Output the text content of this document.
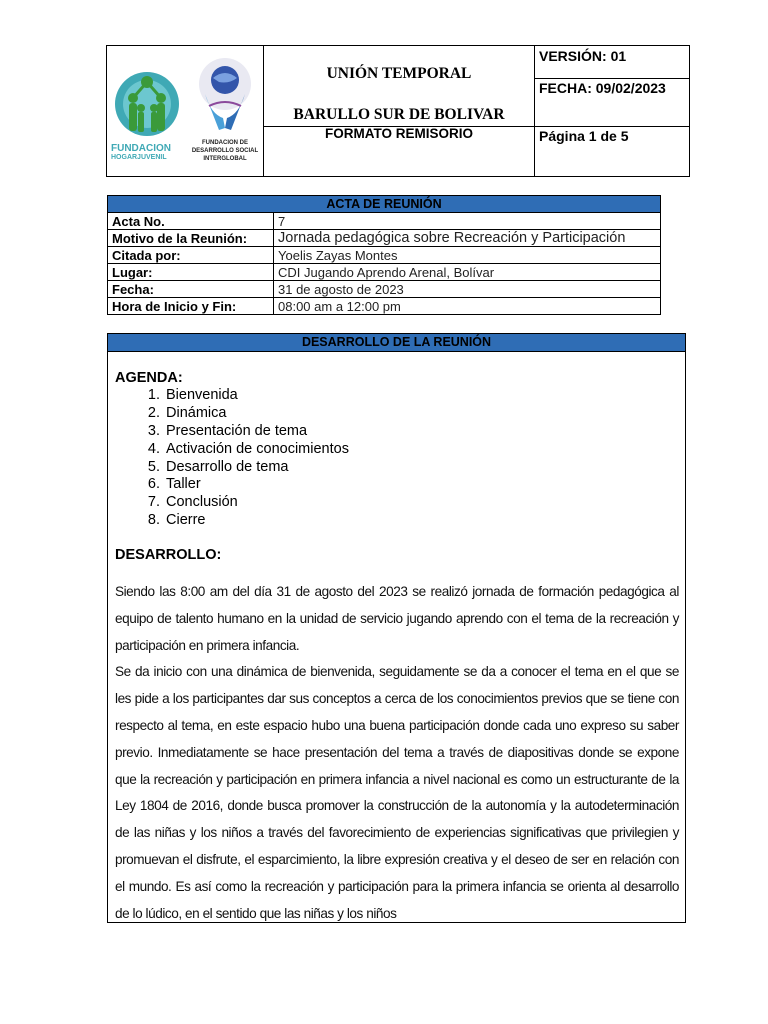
FUNDACION
HOGARJUVENIL
FUNDACION DE DESARROLLO SOCIAL INTERGLOBAL
UNIÓN TEMPORAL
BARULLO SUR DE BOLIVAR
FORMATO REMISORIO
VERSIÓN: 01
FECHA: 09/02/2023
Página 1 de 5
ACTA DE REUNIÓN	
Acta No.	7
Motivo de la Reunión:	Jornada pedagógica sobre Recreación y Participación
Citada por:	Yoelis Zayas Montes
Lugar:	CDI Jugando Aprendo Arenal, Bolívar
Fecha:	31 de agosto de 2023
Hora de Inicio y Fin:	08:00 am a 12:00 pm
DESARROLLO DE LA REUNIÓN
AGENDA:
1. Bienvenida
2. Dinámica
3. Presentación de tema
4. Activación de conocimientos
5. Desarrollo de tema
6. Taller
7. Conclusión
8. Cierre
DESARROLLO:

Siendo las 8:00 am del día 31 de agosto del 2023 se realizó jornada de formación pedagógica al equipo de talento humano en la unidad de servicio jugando aprendo con el tema de la recreación y participación en primera infancia.

Se da inicio con una dinámica de bienvenida, seguidamente se da a conocer el tema en el que se les pide a los participantes dar sus conceptos a cerca de los conocimientos previos que se tiene con respecto al tema, en este espacio hubo una buena participación donde cada uno expreso su saber previo. Inmediatamente se hace presentación del tema a través de diapositivas donde se expone que la recreación y participación en primera infancia a nivel nacional es como un estructurante de la Ley 1804 de 2016, donde busca promover la construcción de la autonomía y la autodeterminación de las niñas y los niños a través del favorecimiento de experiencias significativas que privilegien y promuevan el disfrute, el esparcimiento, la libre expresión creativa y el deseo de ser en relación con el mundo. Es así como la recreación y participación para la primera infancia se orienta al desarrollo de lo lúdico, en el sentido que las niñas y los niños
